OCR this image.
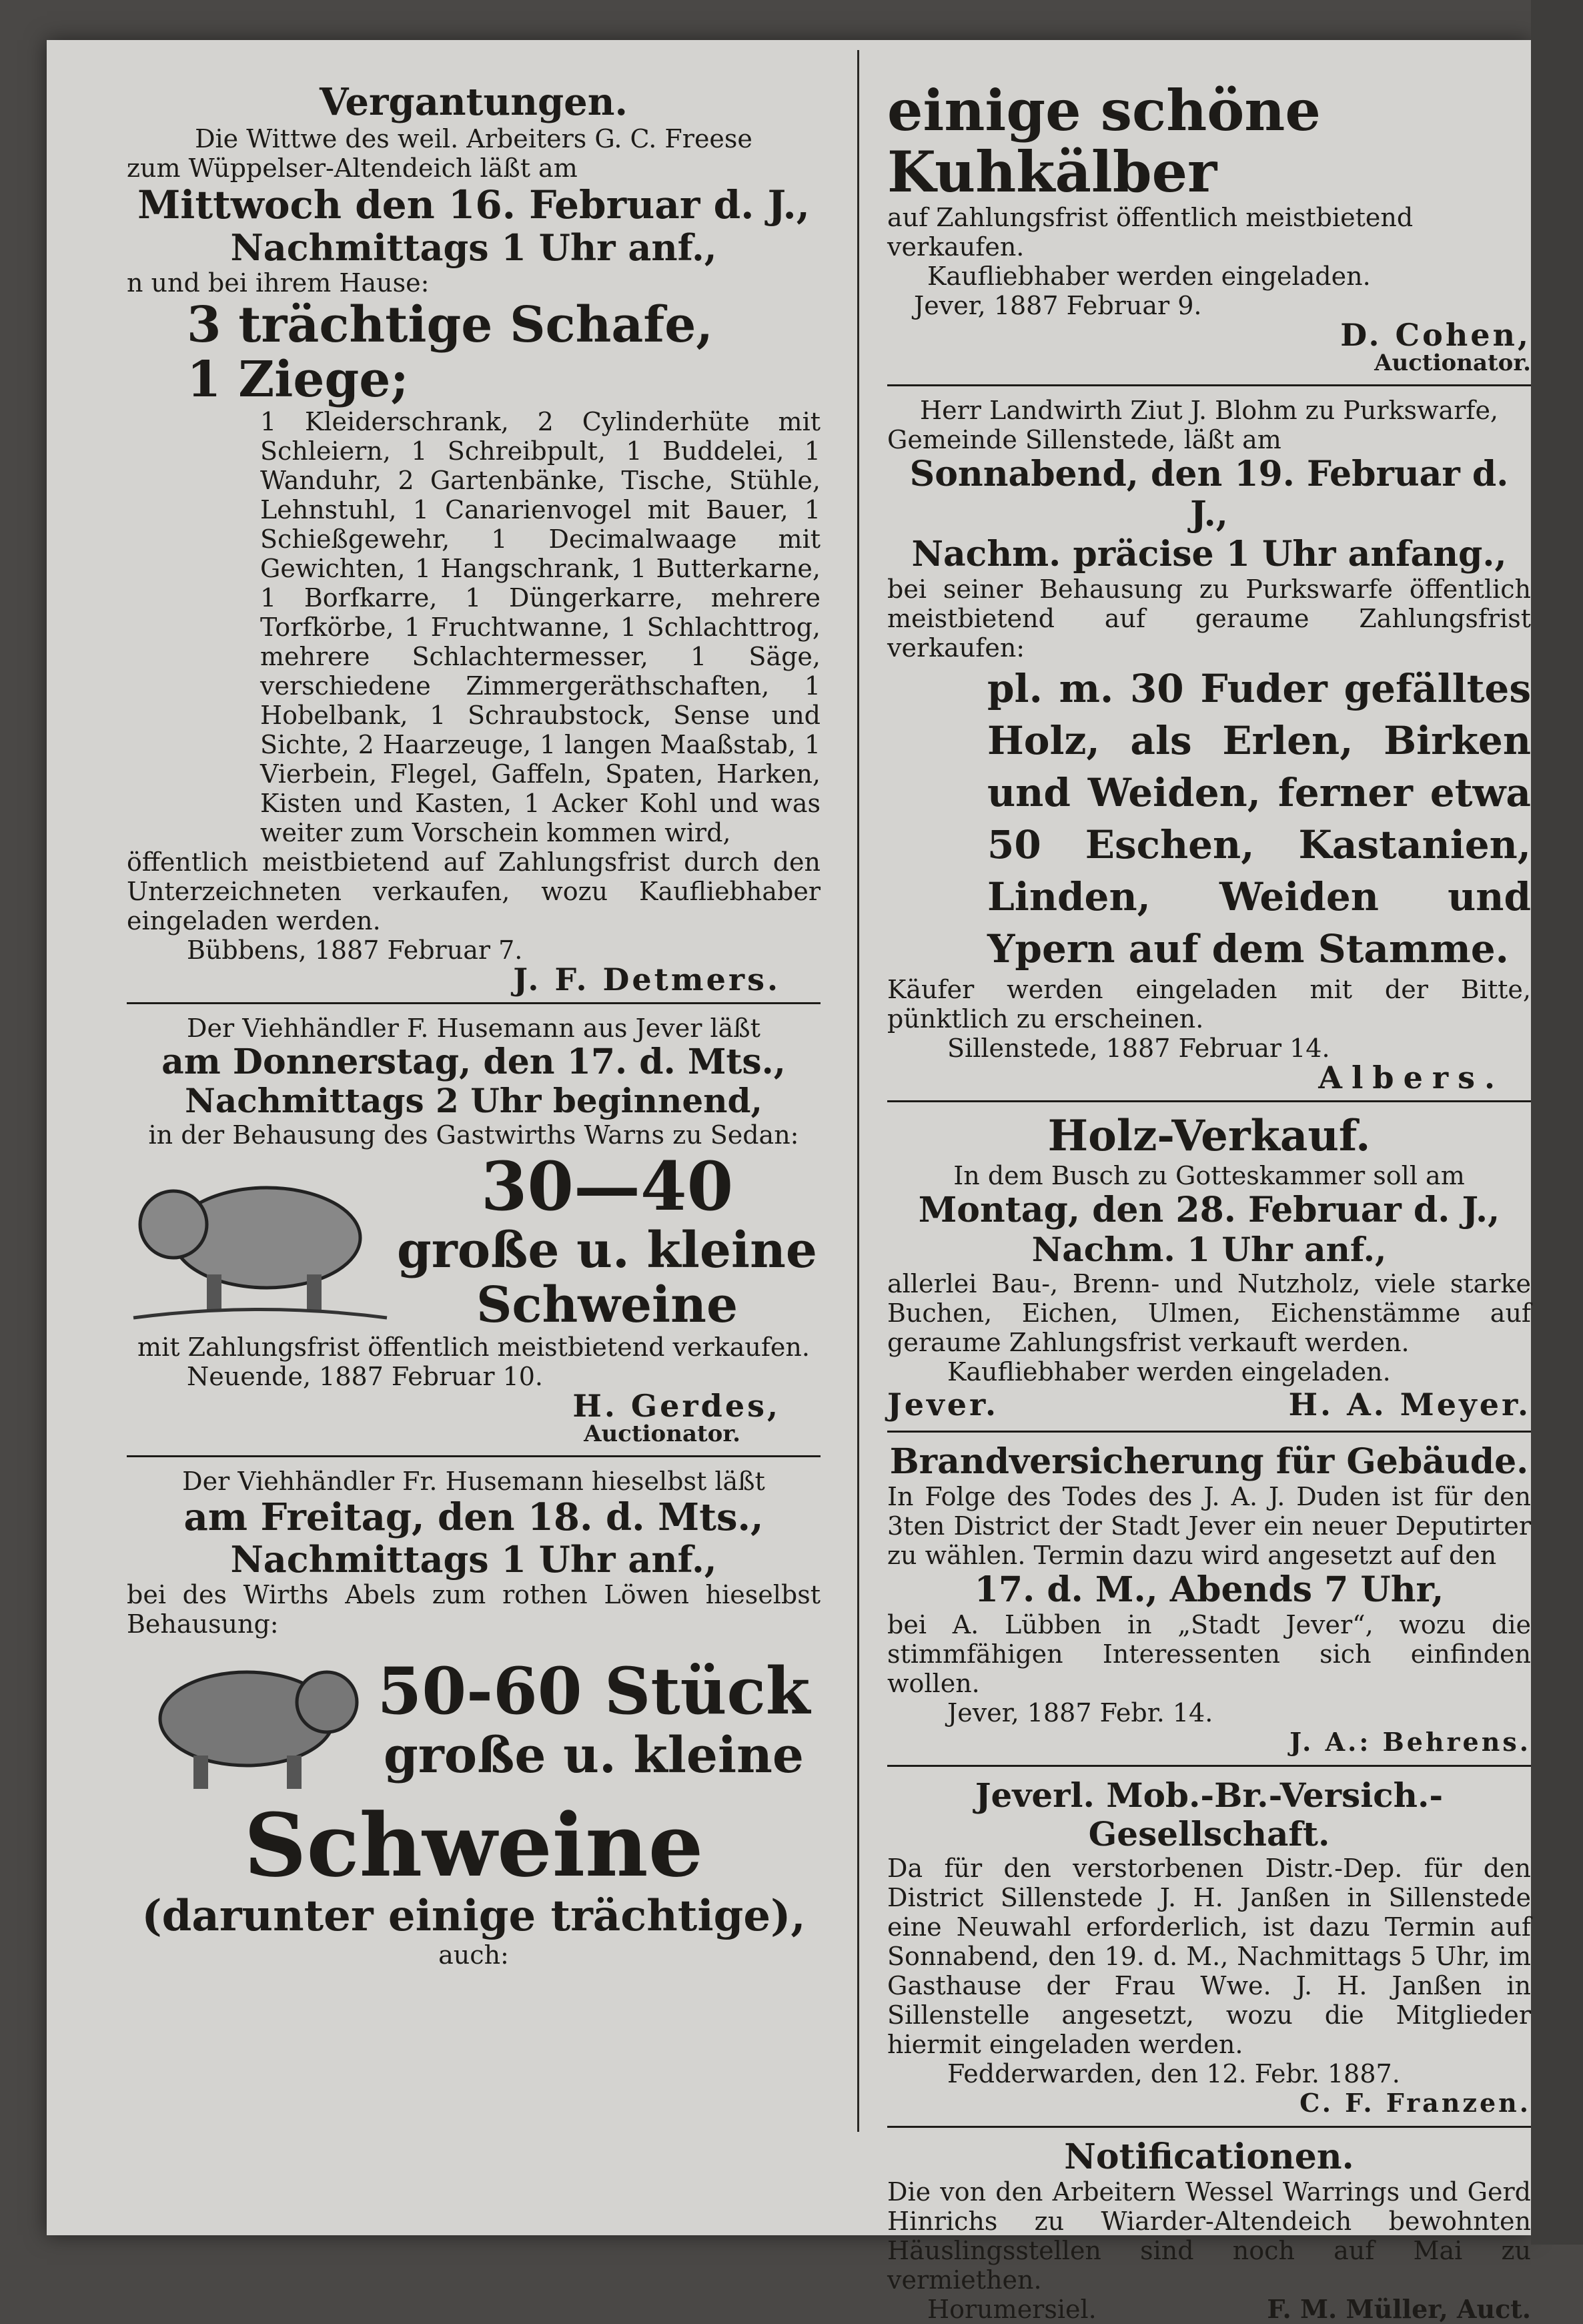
Vergantungen.

Die Wittwe des weil. Arbeiters G. C. Freese

zum Wüppelser-Altendeich läßt am

Mittwoch den 16. Februar d. J.,

Nachmittags 1 Uhr anf.,

n und bei ihrem Hause:

3 trächtige Schafe,

1 Ziege;

1 Kleiderschrank, 2 Cylinderhüte mit Schleiern, 1 Schreibpult, 1 Buddelei, 1 Wanduhr, 2 Gartenbänke, Tische, Stühle, Lehnstuhl, 1 Canarienvogel mit Bauer, 1 Schießgewehr, 1 Decimalwaage mit Gewichten, 1 Hangschrank, 1 Butterkarne, 1 Borfkarre, 1 Düngerkarre, mehrere Torfkörbe, 1 Fruchtwanne, 1 Schlachttrog, mehrere Schlachtermesser, 1 Säge, verschiedene Zimmergeräthschaften, 1 Hobelbank, 1 Schraubstock, Sense und Sichte, 2 Haarzeuge, 1 langen Maaßstab, 1 Vierbein, Flegel, Gaffeln, Spaten, Harken, Kisten und Kasten, 1 Acker Kohl und was weiter zum Vorschein kommen wird,

öffentlich meistbietend auf Zahlungsfrist durch den Unterzeichneten verkaufen, wozu Kaufliebhaber eingeladen werden.

Bübbens, 1887 Februar 7.

J. F. Detmers.

Der Viehhändler F. Husemann aus Jever läßt

am Donnerstag, den 17. d. Mts.,

Nachmittags 2 Uhr beginnend,

in der Behausung des Gastwirths Warns zu Sedan:

30—40

große u. kleine

Schweine

mit Zahlungsfrist öffentlich meistbietend verkaufen.

Neuende, 1887 Februar 10.

H. Gerdes,

Auctionator.

Der Viehhändler Fr. Husemann hieselbst läßt

am Freitag, den 18. d. Mts.,

Nachmittags 1 Uhr anf.,

bei des Wirths Abels zum rothen Löwen hieselbst Behausung:

50-60 Stück

große u. kleine

Schweine

(darunter einige trächtige),

auch:

einige schöne Kuhkälber

auf Zahlungsfrist öffentlich meistbietend verkaufen.

Kaufliebhaber werden eingeladen.

Jever, 1887 Februar 9.

D. Cohen,

Auctionator.

Herr Landwirth Ziut J. Blohm zu Purkswarfe,

Gemeinde Sillenstede, läßt am

Sonnabend, den 19. Februar d. J.,

Nachm. präcise 1 Uhr anfang.,

bei seiner Behausung zu Purkswarfe öffentlich meistbietend auf geraume Zahlungsfrist verkaufen:

pl. m. 30 Fuder gefälltes Holz, als Erlen, Birken und Weiden, ferner etwa 50 Eschen, Kastanien, Linden, Weiden und Ypern auf dem Stamme.

Käufer werden eingeladen mit der Bitte, pünktlich zu erscheinen.

Sillenstede, 1887 Februar 14.

Albers.

Holz-Verkauf.

In dem Busch zu Gotteskammer soll am

Montag, den 28. Februar d. J.,

Nachm. 1 Uhr anf.,

allerlei Bau-, Brenn- und Nutzholz, viele starke Buchen, Eichen, Ulmen, Eichenstämme auf geraume Zahlungsfrist verkauft werden.

Kaufliebhaber werden eingeladen.

Jever.	H. A. Meyer.

Brandversicherung für Gebäude.

In Folge des Todes des J. A. J. Duden ist für den 3ten District der Stadt Jever ein neuer Deputirter zu wählen. Termin dazu wird angesetzt auf den

17. d. M., Abends 7 Uhr,

bei A. Lübben in „Stadt Jever“, wozu die stimmfähigen Interessenten sich einfinden wollen.

Jever, 1887 Febr. 14.

J. A.: Behrens.

Jeverl. Mob.-Br.-Versich.-Gesellschaft.

Da für den verstorbenen Distr.-Dep. für den District Sillenstede J. H. Janßen in Sillenstede eine Neuwahl erforderlich, ist dazu Termin auf Sonnabend, den 19. d. M., Nachmittags 5 Uhr, im Gasthause der Frau Wwe. J. H. Janßen in Sillenstelle angesetzt, wozu die Mitglieder hiermit eingeladen werden.

Fedderwarden, den 12. Febr. 1887.

C. F. Franzen.

Notificationen.

Die von den Arbeitern Wessel Warrings und Gerd Hinrichs zu Wiarder-Altendeich bewohnten Häuslingsstellen sind noch auf Mai zu vermiethen.

Horumersiel.	F. M. Müller, Auct.
